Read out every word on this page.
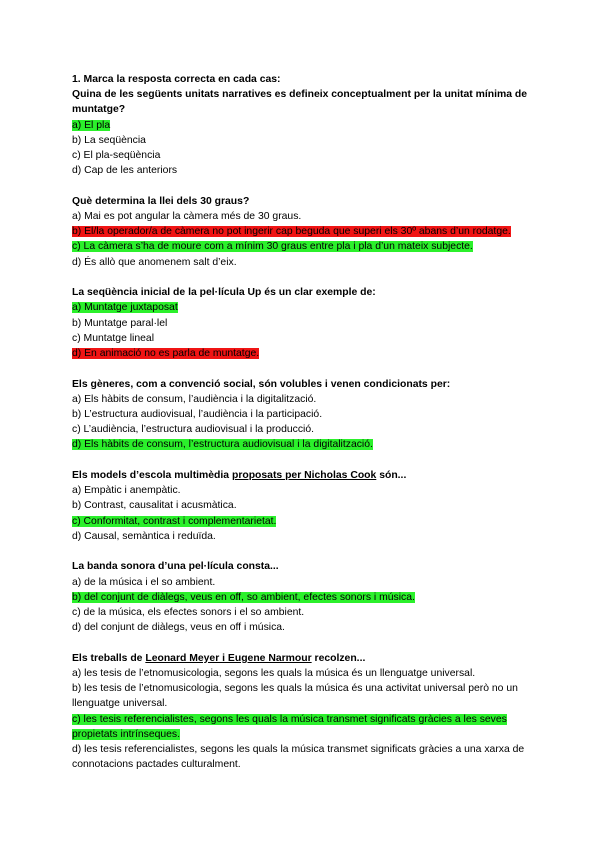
1. Marca la resposta correcta en cada cas:
Quina de les següents unitats narratives es defineix conceptualment per la unitat mínima de muntatge?
a) El pla
b) La seqüència
c) El pla-seqüència
d) Cap de les anteriors
Què determina la llei dels 30 graus?
a) Mai es pot angular la càmera més de 30 graus.
b) El/la operador/a de càmera no pot ingerir cap beguda que superi els 30º abans d’un rodatge.
c) La càmera s’ha de moure com a mínim 30 graus entre pla i pla d’un mateix subjecte.
d) És allò que anomenem salt d’eix.
La seqüència inicial de la pel·lícula Up és un clar exemple de:
a) Muntatge juxtaposat
b) Muntatge paral·lel
c) Muntatge lineal
d) En animació no es parla de muntatge.
Els gèneres, com a convenció social, són volubles i venen condicionats per:
a) Els hàbits de consum, l’audiència i la digitalització.
b) L’estructura audiovisual, l’audiència i la participació.
c) L’audiència, l’estructura audiovisual i la producció.
d) Els hàbits de consum, l’estructura audiovisual i la digitalització.
Els models d’escola multimèdia proposats per Nicholas Cook són...
a) Empàtic i anempàtic.
b) Contrast, causalitat i acusmàtica.
c) Conformitat, contrast i complementarietat.
d) Causal, semàntica i reduïda.
La banda sonora d’una pel·lícula consta...
a) de la música i el so ambient.
b) del conjunt de diàlegs, veus en off, so ambient, efectes sonors i música.
c) de la música, els efectes sonors i el so ambient.
d) del conjunt de diàlegs, veus en off i música.
Els treballs de Leonard Meyer i Eugene Narmour recolzen...
a) les tesis de l’etnomusicologia, segons les quals la música és un llenguatge universal.
b) les tesis de l’etnomusicologia, segons les quals la música és una activitat universal però no un llenguatge universal.
c) les tesis referencialistes, segons les quals la música transmet significats gràcies a les seves propietats intrínseques.
d) les tesis referencialistes, segons les quals la música transmet significats gràcies a una xarxa de connotacions pactades culturalment.
